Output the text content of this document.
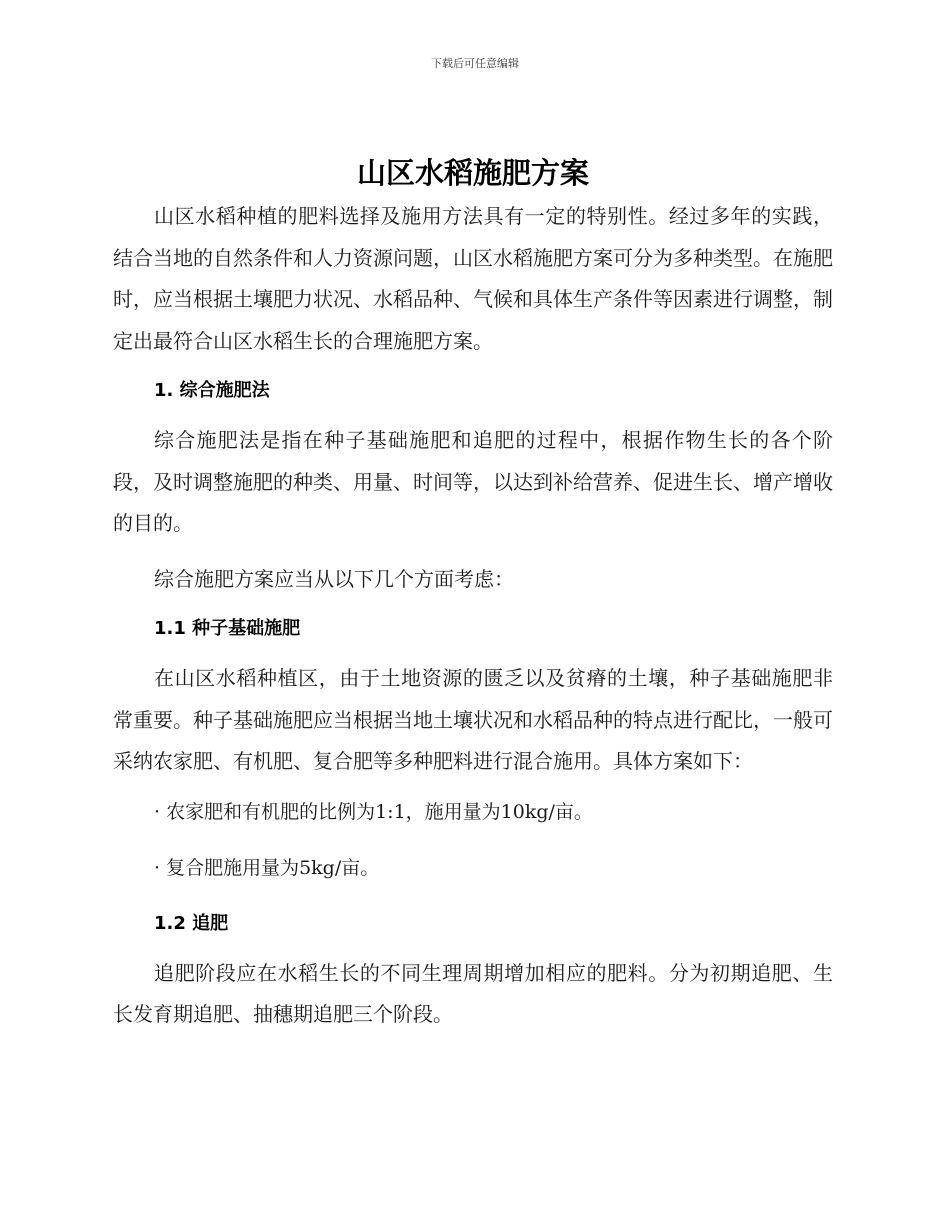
下载后可任意编辑
山区水稻施肥方案

山区水稻种植的肥料选择及施用方法具有一定的特别性。经过多年的实践，结合当地的自然条件和人力资源问题，山区水稻施肥方案可分为多种类型。在施肥时，应当根据土壤肥力状况、水稻品种、气候和具体生产条件等因素进行调整，制定出最符合山区水稻生长的合理施肥方案。

1. 综合施肥法

综合施肥法是指在种子基础施肥和追肥的过程中，根据作物生长的各个阶段，及时调整施肥的种类、用量、时间等，以达到补给营养、促进生长、增产增收的目的。

综合施肥方案应当从以下几个方面考虑：

1.1 种子基础施肥

在山区水稻种植区，由于土地资源的匮乏以及贫瘠的土壤，种子基础施肥非常重要。种子基础施肥应当根据当地土壤状况和水稻品种的特点进行配比，一般可采纳农家肥、有机肥、复合肥等多种肥料进行混合施用。具体方案如下：

· 农家肥和有机肥的比例为1:1，施用量为10kg/亩。

· 复合肥施用量为5kg/亩。

1.2 追肥

追肥阶段应在水稻生长的不同生理周期增加相应的肥料。分为初期追肥、生长发育期追肥、抽穗期追肥三个阶段。
